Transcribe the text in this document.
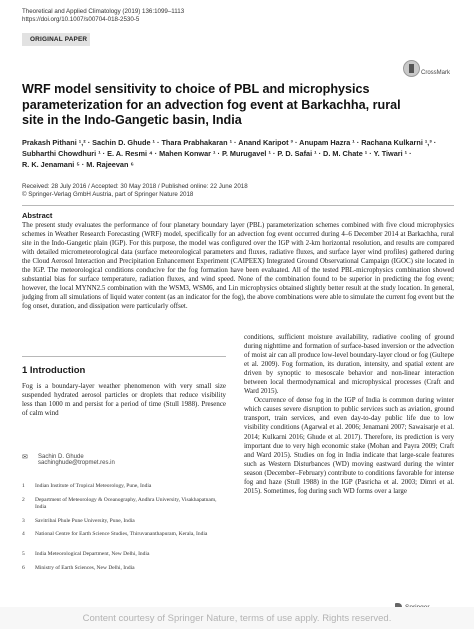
Theoretical and Applied Climatology (2019) 136:1099–1113
https://doi.org/10.1007/s00704-018-2530-5
ORIGINAL PAPER
CrossMark
WRF model sensitivity to choice of PBL and microphysics parameterization for an advection fog event at Barkachha, rural site in the Indo-Gangetic basin, India
Prakash Pithani ¹,² · Sachin D. Ghude ¹ · Thara Prabhakaran ¹ · Anand Karipot ³ · Anupam Hazra ¹ · Rachana Kulkarni ¹,³ ·
Subharthi Chowdhuri ¹ · E. A. Resmi ⁴ · Mahen Konwar ¹ · P. Murugavel ¹ · P. D. Safai ¹ · D. M. Chate ¹ · Y. Tiwari ¹ ·
R. K. Jenamani ⁵ · M. Rajeevan ⁶
Received: 28 July 2016 / Accepted: 30 May 2018 / Published online: 22 June 2018
© Springer-Verlag GmbH Austria, part of Springer Nature 2018
Abstract
The present study evaluates the performance of four planetary boundary layer (PBL) parameterization schemes combined with five cloud microphysics schemes in Weather Research Forecasting (WRF) model, specifically for an advection fog event occurred during 4–6 December 2014 at Barkachha, rural site in the Indo-Gangetic plain (IGP). For this purpose, the model was configured over the IGP with 2-km horizontal resolution, and results are compared with detailed micrometeorological data (surface meteorological parameters and fluxes, radiative fluxes, and surface layer wind profiles) gathered during the Cloud Aerosol Interaction and Precipitation Enhancement Experiment (CAIPEEX) Integrated Ground Observational Campaign (IGOC) site located in the IGP. The meteorological conditions conducive for the fog formation have been evaluated. All of the tested PBL-microphysics combination showed substantial bias for surface temperature, radiation fluxes, and wind speed. None of the combination found to be superior in predicting the fog event; however, the local MYNN2.5 combination with the WSM3, WSM6, and Lin microphysics obtained slightly better result at the study location. In general, judging from all simulations of liquid water content (as an indicator for the fog), the above combinations were able to simulate the current fog event but the fog onset, duration, and dissipation were particularly offset.
1 Introduction
Fog is a boundary-layer weather phenomenon with very small size suspended hydrated aerosol particles or droplets that reduce visibility less than 1000 m and persist for a period of time (Stull 1988). Presence of calm wind
conditions, sufficient moisture availability, radiative cooling of ground during nighttime and formation of surface-based inversion or the advection of moist air can all produce low-level boundary-layer cloud or fog (Gultepe et al. 2009). Fog formation, its duration, intensity, and spatial extent are driven by synoptic to mesoscale behavior and non-linear interaction between local thermodynamical and microphysical processes (Craft and Ward 2015).
Occurrence of dense fog in the IGP of India is common during winter which causes severe disruption to public services such as aviation, ground transport, train services, and even day-to-day public life due to low visibility conditions (Agarwal et al. 2006; Jenamani 2007; Sawaisarje et al. 2014; Kulkarni 2016; Ghude et al. 2017). Therefore, its prediction is very important due to very high economic stake (Mohan and Payra 2009; Craft and Ward 2015). Studies on fog in India indicate that large-scale features such as Western Disturbances (WD) moving eastward during the winter season (December–February) contribute to conditions favorable for intense fog and haze (Stull 1988) in the IGP (Pasricha et al. 2003; Dimri et al. 2015). Sometimes, fog during such WD forms over a large
✉ Sachin D. Ghude
sachinghude@tropmet.res.in
1	Indian Institute of Tropical Meteorology, Pune, India
2	Department of Meteorology & Oceanography, Andhra University, Visakhapatnam, India
3	Savitribai Phule Pune University, Pune, India
4	National Centre for Earth Science Studies, Thiruvananthapuram, Kerala, India
5	India Meteorological Department, New Delhi, India
6	Ministry of Earth Sciences, New Delhi, India
Content courtesy of Springer Nature, terms of use apply. Rights reserved.
